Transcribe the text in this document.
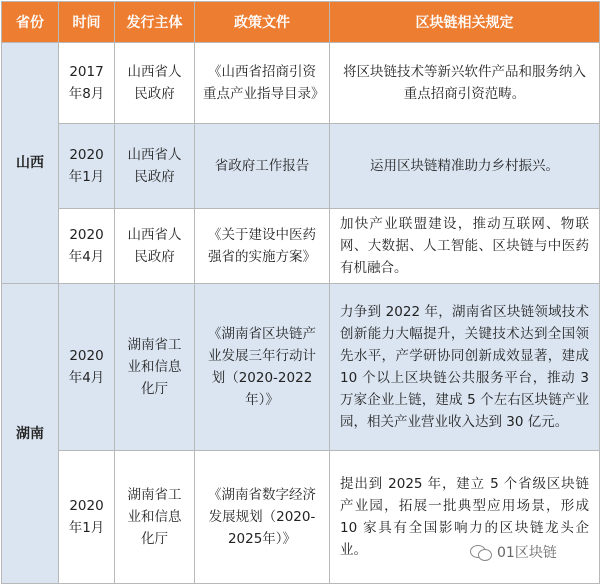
省份	时间	发行主体	政策文件	区块链相关规定
山西	2017年8月	山西省人民政府	《山西省招商引资重点产业指导目录》	将区块链技术等新兴软件产品和服务纳入重点招商引资范畴。
	2020年1月	山西省人民政府	省政府工作报告	运用区块链精准助力乡村振兴。
	2020年4月	山西省人民政府	《关于建设中医药强省的实施方案》	加快产业联盟建设，推动互联网、物联网、大数据、人工智能、区块链与中医药有机融合。
湖南	2020年4月	湖南省工业和信息化厅	《湖南省区块链产业发展三年行动计划（2020-2022年）》	力争到 2022 年，湖南省区块链领域技术创新能力大幅提升，关键技术达到全国领先水平，产学研协同创新成效显著，建成 10 个以上区块链公共服务平台，推动 3 万家企业上链，建成 5 个左右区块链产业园，相关产业营业收入达到 30 亿元。
	2020年1月	湖南省工业和信息化厅	《湖南省数字经济发展规划（2020-2025年）》	提出到 2025 年，建立 5 个省级区块链产业园，拓展一批典型应用场景，形成 10 家具有全国影响力的区块链龙头企业。	01区块链
